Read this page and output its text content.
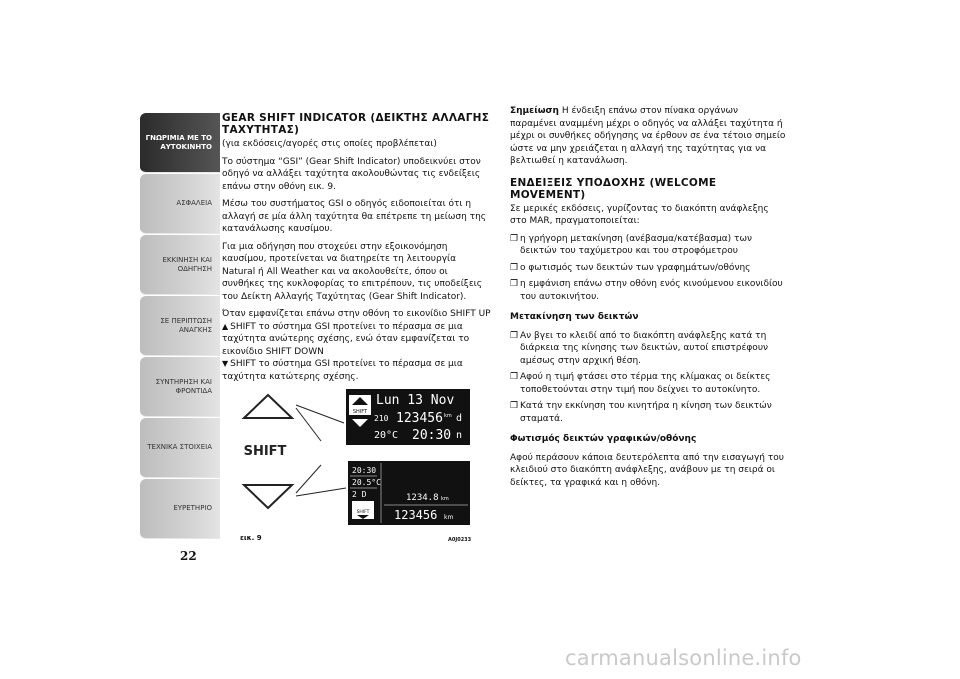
ΓΝΩΡΙΜΙΑ ΜΕ ΤΟ ΑΥΤΟΚΙΝΗΤΟ
ΑΣΦΑΛΕΙΑ
ΕΚΚΙΝΗΣΗ ΚΑΙ ΟΔΗΓΗΣΗ
ΣΕ ΠΕΡΙΠΤΩΣΗ ΑΝΑΓΚΗΣ
ΣΥΝΤΗΡΗΣΗ ΚΑΙ ΦΡΟΝΤΙΔΑ
ΤΕΧΝΙΚΑ ΣΤΟΙΧΕΙΑ
ΕΥΡΕΤΗΡΙΟ
22
GEAR SHIFT INDICATOR (ΔΕΙΚΤΗΣ ΑΛΛΑΓΗΣ ΤΑΧΥΤΗΤΑΣ)

(για εκδόσεις/αγορές στις οποίες προβλέπεται)

Το σύστημα “GSI” (Gear Shift Indicator) υποδεικνύει στον οδηγό να αλλάξει ταχύτητα ακολουθώντας τις ενδείξεις επάνω στην οθόνη εικ. 9.

Μέσω του συστήματος GSI ο οδηγός ειδοποιείται ότι η αλλαγή σε μία άλλη ταχύτητα θα επέτρεπε τη μείωση της κατανάλωσης καυσίμου.

Για μια οδήγηση που στοχεύει στην εξοικονόμηση καυσίμου, προτείνεται να διατηρείτε τη λειτουργία Natural ή All Weather και να ακολουθείτε, όπου οι συνθήκες της κυκλοφορίας το επιτρέπουν, τις υποδείξεις του Δείκτη Αλλαγής Ταχύτητας (Gear Shift Indicator).

Όταν εμφανίζεται επάνω στην οθόνη το εικονίδιο SHIFT UP
▲ SHIFT το σύστημα GSI προτείνει το πέρασμα σε μια ταχύτητα ανώτερης σχέσης, ενώ όταν εμφανίζεται το εικονίδιο SHIFT DOWN
▼ SHIFT το σύστημα GSI προτείνει το πέρασμα σε μια ταχύτητα κατώτερης σχέσης.

SHIFT
SHIFT
Lun 13 Nov
210 123456 km d
20°C 20:30 n
20:30
20.5°C
2 D
SHIFT
1234.8 km
123456 km
εικ. 9	A0J0233

Σημείωση Η ένδειξη επάνω στον πίνακα οργάνων παραμένει αναμμένη μέχρι ο οδηγός να αλλάξει ταχύτητα ή μέχρι οι συνθήκες οδήγησης να έρθουν σε ένα τέτοιο σημείο ώστε να μην χρειάζεται η αλλαγή της ταχύτητας για να βελτιωθεί η κατανάλωση.

ΕΝΔΕΙΞΕΙΣ ΥΠΟΔΟΧΗΣ (WELCOME MOVEMENT)

Σε μερικές εκδόσεις, γυρίζοντας το διακόπτη ανάφλεξης στο MAR, πραγματοποιείται:

❐ η γρήγορη μετακίνηση (ανέβασμα/κατέβασμα) των δεικτών του ταχύμετρου και του στροφόμετρου
❐ ο φωτισμός των δεικτών των γραφημάτων/οθόνης
❐ η εμφάνιση επάνω στην οθόνη ενός κινούμενου εικονιδίου του αυτοκινήτου.
Μετακίνηση των δεικτών
❐ Αν βγει το κλειδί από το διακόπτη ανάφλεξης κατά τη διάρκεια της κίνησης των δεικτών, αυτοί επιστρέφουν αμέσως στην αρχική θέση.
❐ Αφού η τιμή φτάσει στο τέρμα της κλίμακας οι δείκτες τοποθετούνται στην τιμή που δείχνει το αυτοκίνητο.
❐ Κατά την εκκίνηση του κινητήρα η κίνηση των δεικτών σταματά.
Φωτισμός δεικτών γραφικών/οθόνης

Αφού περάσουν κάποια δευτερόλεπτα από την εισαγωγή του κλειδιού στο διακόπτη ανάφλεξης, ανάβουν με τη σειρά οι δείκτες, τα γραφικά και η οθόνη.

carmanualsonline.info
